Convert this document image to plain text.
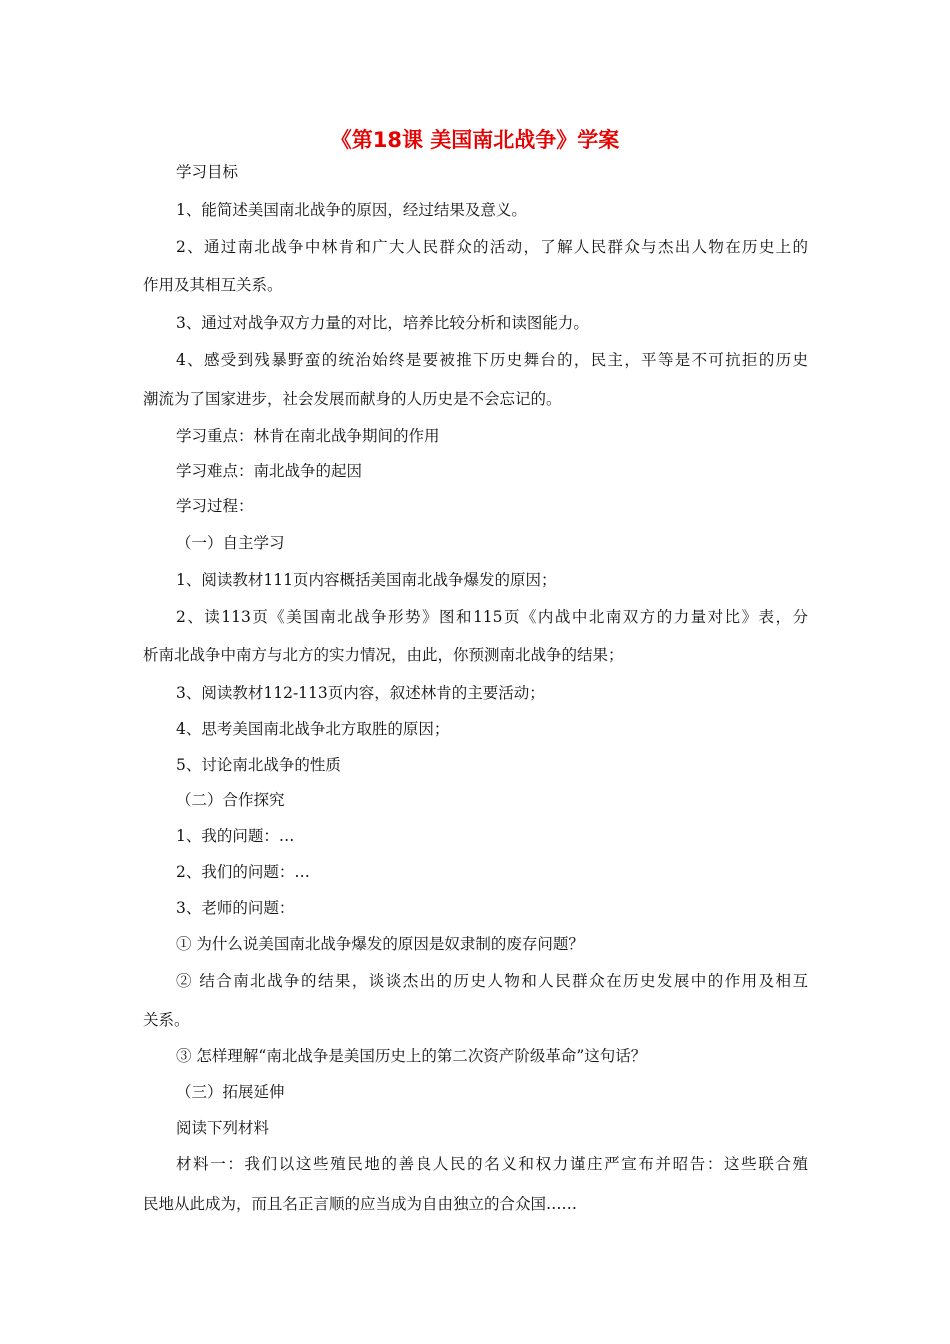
《第18课 美国南北战争》学案
学习目标
1、能简述美国南北战争的原因，经过结果及意义。
2、通过南北战争中林肯和广大人民群众的活动，了解人民群众与杰出人物在历史上的
作用及其相互关系。
3、通过对战争双方力量的对比，培养比较分析和读图能力。
4、感受到残暴野蛮的统治始终是要被推下历史舞台的，民主，平等是不可抗拒的历史
潮流为了国家进步，社会发展而献身的人历史是不会忘记的。
学习重点：林肯在南北战争期间的作用
学习难点：南北战争的起因
学习过程：
（一）自主学习
1、阅读教材111页内容概括美国南北战争爆发的原因；
2、读113页《美国南北战争形势》图和115页《内战中北南双方的力量对比》表，分
析南北战争中南方与北方的实力情况，由此，你预测南北战争的结果；
3、阅读教材112-113页内容，叙述林肯的主要活动；
4、思考美国南北战争北方取胜的原因；
5、讨论南北战争的性质
（二）合作探究
1、我的问题：…
2、我们的问题：…
3、老师的问题：
① 为什么说美国南北战争爆发的原因是奴隶制的废存问题？
② 结合南北战争的结果，谈谈杰出的历史人物和人民群众在历史发展中的作用及相互
关系。
③ 怎样理解“南北战争是美国历史上的第二次资产阶级革命”这句话？
（三）拓展延伸
阅读下列材料
材料一：我们以这些殖民地的善良人民的名义和权力谨庄严宣布并昭告：这些联合殖
民地从此成为，而且名正言顺的应当成为自由独立的合众国……
